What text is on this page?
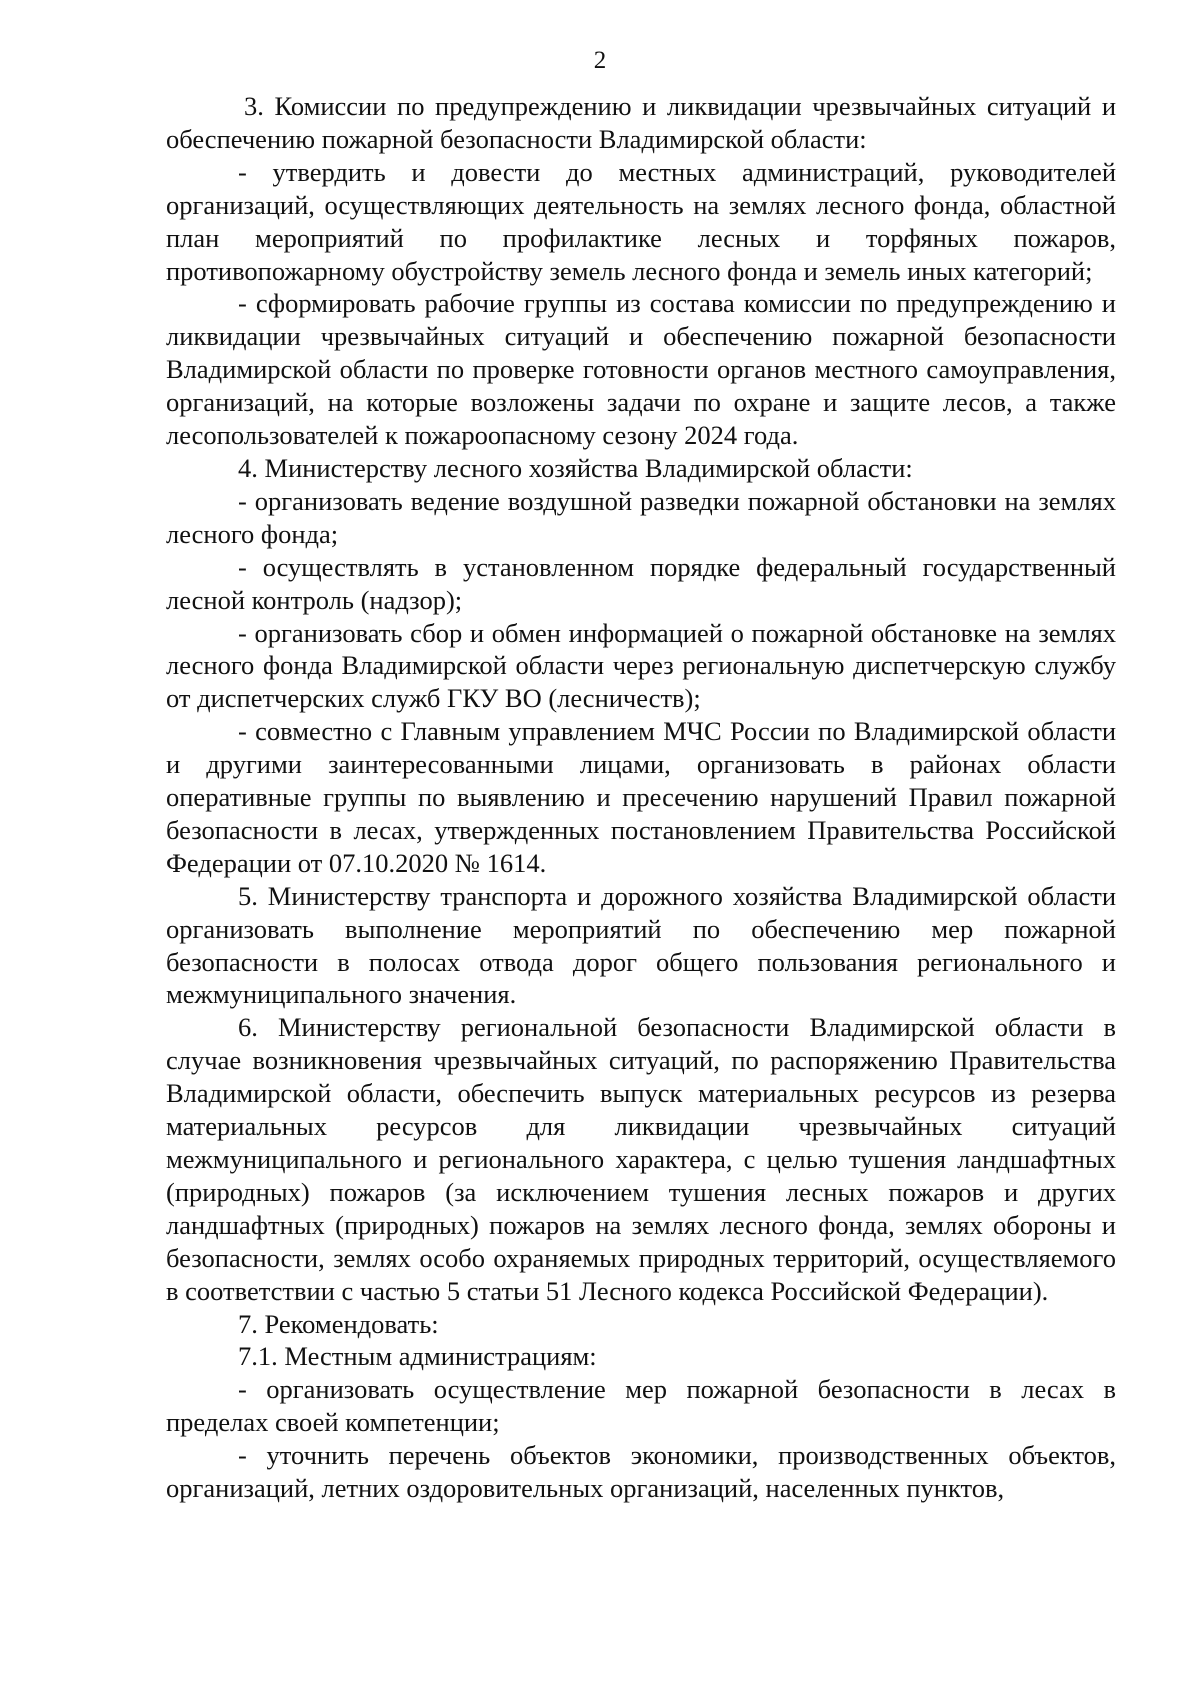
2

3. Комиссии по предупреждению и ликвидации чрезвычайных ситуаций и обеспечению пожарной безопасности Владимирской области:

- утвердить и довести до местных администраций, руководителей организаций, осуществляющих деятельность на землях лесного фонда, областной план мероприятий по профилактике лесных и торфяных пожаров, противопожарному обустройству земель лесного фонда и земель иных категорий;

- сформировать рабочие группы из состава комиссии по предупреждению и ликвидации чрезвычайных ситуаций и обеспечению пожарной безопасности Владимирской области по проверке готовности органов местного самоуправления, организаций, на которые возложены задачи по охране и защите лесов, а также лесопользователей к пожароопасному сезону 2024 года.

4. Министерству лесного хозяйства Владимирской области:

- организовать ведение воздушной разведки пожарной обстановки на землях лесного фонда;

- осуществлять в установленном порядке федеральный государственный лесной контроль (надзор);

- организовать сбор и обмен информацией о пожарной обстановке на землях лесного фонда Владимирской области через региональную диспетчерскую службу от диспетчерских служб ГКУ ВО (лесничеств);

- совместно с Главным управлением МЧС России по Владимирской области и другими заинтересованными лицами, организовать в районах области оперативные группы по выявлению и пресечению нарушений Правил пожарной безопасности в лесах, утвержденных постановлением Правительства Российской Федерации от 07.10.2020 № 1614.

5. Министерству транспорта и дорожного хозяйства Владимирской области организовать выполнение мероприятий по обеспечению мер пожарной безопасности в полосах отвода дорог общего пользования регионального и межмуниципального значения.

6. Министерству региональной безопасности Владимирской области в случае возникновения чрезвычайных ситуаций, по распоряжению Правительства Владимирской области, обеспечить выпуск материальных ресурсов из резерва материальных ресурсов для ликвидации чрезвычайных ситуаций межмуниципального и регионального характера, с целью тушения ландшафтных (природных) пожаров (за исключением тушения лесных пожаров и других ландшафтных (природных) пожаров на землях лесного фонда, землях обороны и безопасности, землях особо охраняемых природных территорий, осуществляемого в соответствии с частью 5 статьи 51 Лесного кодекса Российской Федерации).

7. Рекомендовать:

7.1. Местным администрациям:

- организовать осуществление мер пожарной безопасности в лесах в пределах своей компетенции;

- уточнить перечень объектов экономики, производственных объектов, организаций, летних оздоровительных организаций, населенных пунктов,
